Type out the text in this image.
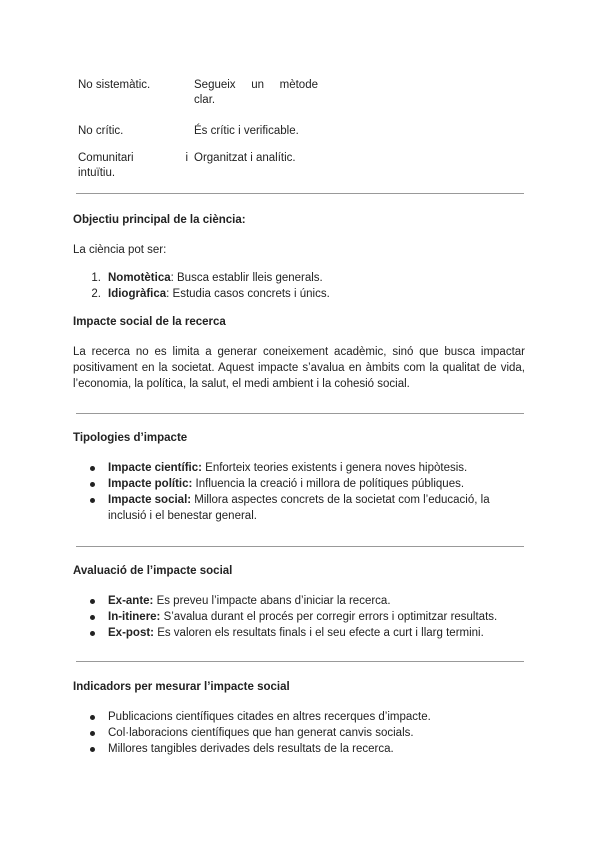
No sistemàtic.	Segueix un mètode
clar.
No crític.	És crític i verificable.
Comunitari i
intuïtiu.
Organitzat i analític.
Objectiu principal de la ciència:
La ciència pot ser:
1. Nomotètica: Busca establir lleis generals.
2. Idiogràfica: Estudia casos concrets i únics.
Impacte social de la recerca
La recerca no es limita a generar coneixement acadèmic, sinó que busca impactar positivament en la societat. Aquest impacte s’avalua en àmbits com la qualitat de vida, l’economia, la política, la salut, el medi ambient i la cohesió social.
Tipologies d’impacte
Impacte científic: Enforteix teories existents i genera noves hipòtesis.
Impacte polític: Influencia la creació i millora de polítiques públiques.
Impacte social: Millora aspectes concrets de la societat com l’educació, la inclusió i el benestar general.
Avaluació de l’impacte social
Ex-ante: Es preveu l’impacte abans d’iniciar la recerca.
In-itinere: S’avalua durant el procés per corregir errors i optimitzar resultats.
Ex-post: Es valoren els resultats finals i el seu efecte a curt i llarg termini.
Indicadors per mesurar l’impacte social
Publicacions científiques citades en altres recerques d’impacte.
Col·laboracions científiques que han generat canvis socials.
Millores tangibles derivades dels resultats de la recerca.
